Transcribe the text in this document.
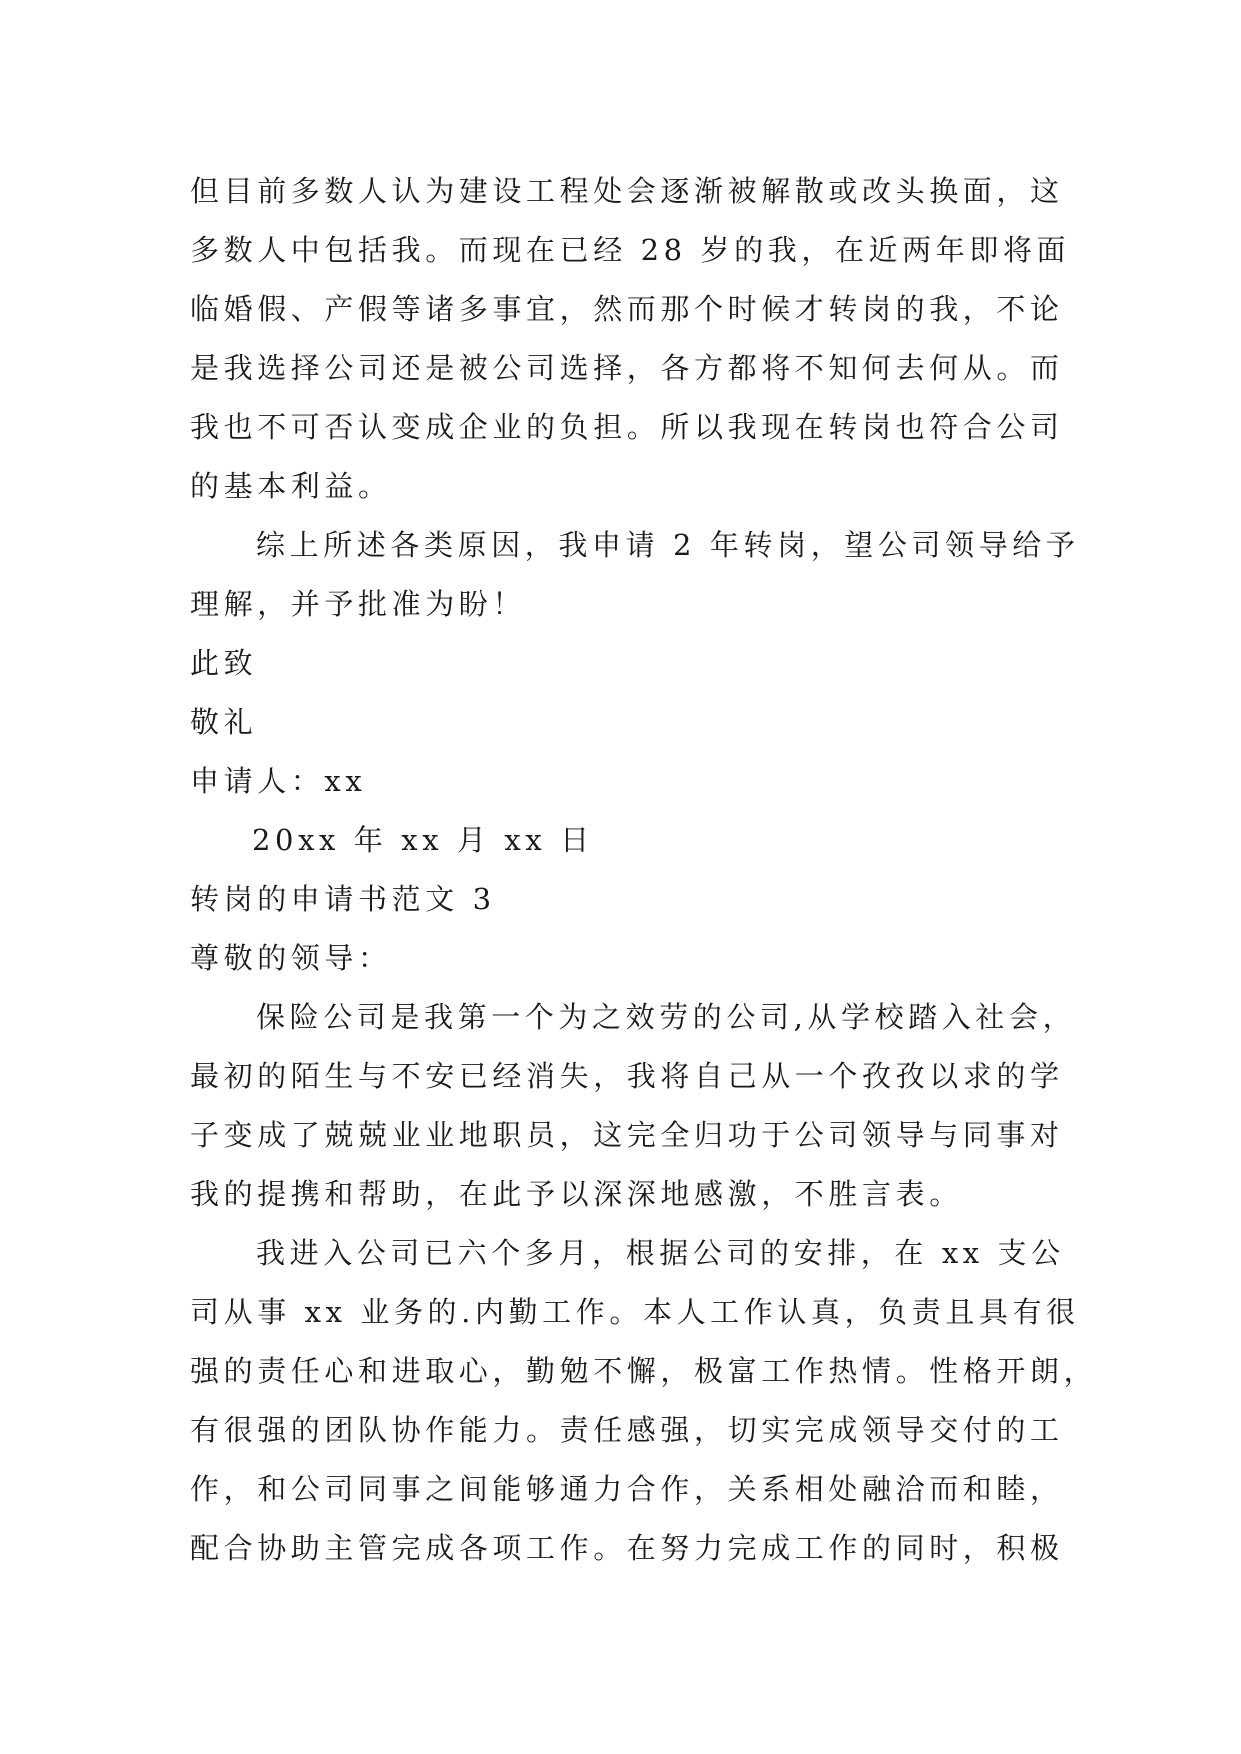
但目前多数人认为建设工程处会逐渐被解散或改头换面，这
多数人中包括我。而现在已经 28 岁的我，在近两年即将面
临婚假、产假等诸多事宜，然而那个时候才转岗的我，不论
是我选择公司还是被公司选择，各方都将不知何去何从。而
我也不可否认变成企业的负担。所以我现在转岗也符合公司
的基本利益。
综上所述各类原因，我申请 2 年转岗，望公司领导给予
理解，并予批准为盼！
此致
敬礼
申请人：xx
20xx 年 xx 月 xx 日
转岗的申请书范文 3
尊敬的领导：
保险公司是我第一个为之效劳的公司,从学校踏入社会，
最初的陌生与不安已经消失，我将自己从一个孜孜以求的学
子变成了兢兢业业地职员，这完全归功于公司领导与同事对
我的提携和帮助，在此予以深深地感激，不胜言表。
我进入公司已六个多月，根据公司的安排，在 xx 支公
司从事 xx 业务的.内勤工作。本人工作认真，负责且具有很
强的责任心和进取心，勤勉不懈，极富工作热情。性格开朗，
有很强的团队协作能力。责任感强，切实完成领导交付的工
作，和公司同事之间能够通力合作，关系相处融洽而和睦，
配合协助主管完成各项工作。在努力完成工作的同时，积极
